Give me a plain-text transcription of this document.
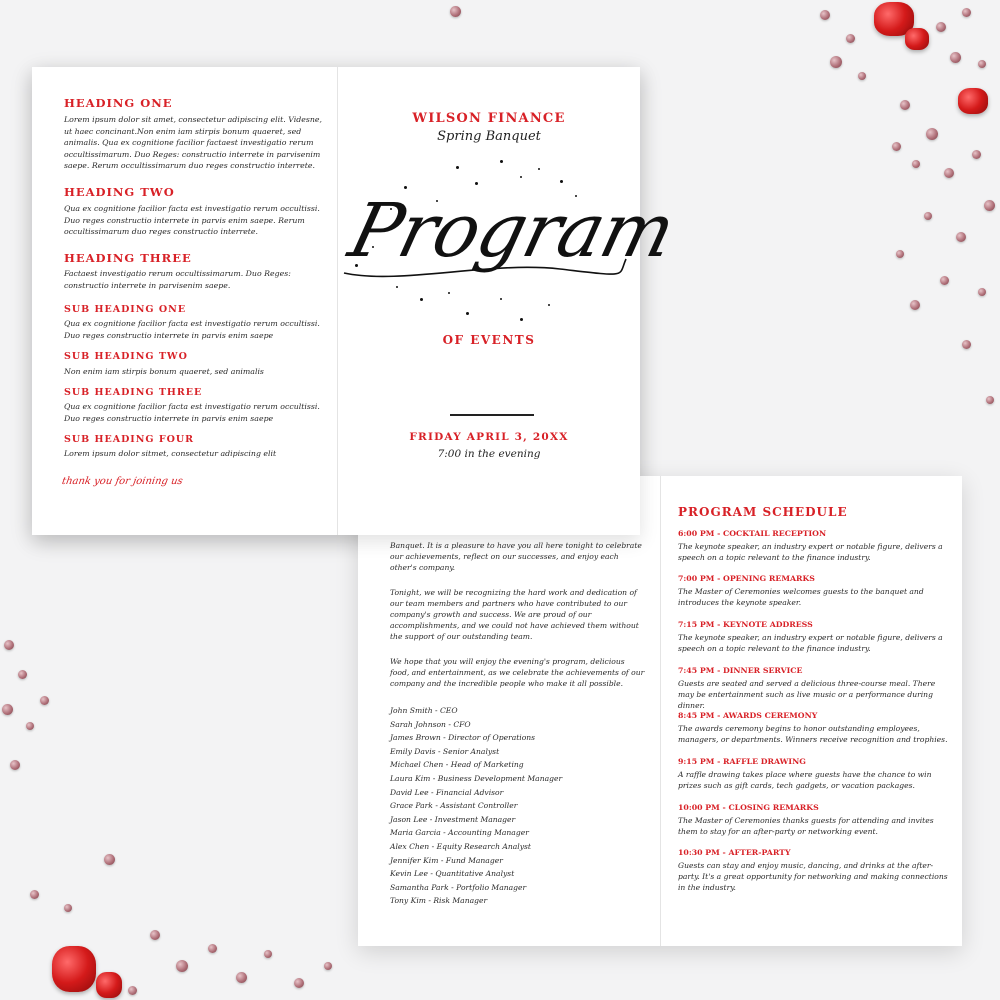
HEADING ONE

Lorem ipsum dolor sit amet, consectetur adipiscing elit. Videsne, ut haec concinant.Non enim iam stirpis bonum quaeret, sed animalis. Qua ex cognitione facilior factaest investigatio rerum occultissimarum. Duo Reges: constructio interrete in parvisenim saepe. Rerum occultissimarum duo reges constructio interrete.

HEADING TWO

Qua ex cognitione facilior facta est investigatio rerum occultissi. Duo reges constructio interrete in parvis enim saepe. Rerum occultissimarum duo reges constructio interrete.

HEADING THREE

Factaest investigatio rerum occultissimarum. Duo Reges: constructio interrete in parvisenim saepe.

SUB HEADING ONE

Qua ex cognitione facilior facta est investigatio rerum occultissi. Duo reges constructio interrete in parvis enim saepe

SUB HEADING TWO

Non enim iam stirpis bonum quaeret, sed animalis

SUB HEADING THREE

Qua ex cognitione facilior facta est investigatio rerum occultissi. Duo reges constructio interrete in parvis enim saepe

SUB HEADING FOUR

Lorem ipsum dolor sitmet, consectetur adipiscing elit

thank you for joining us

WILSON FINANCE
Spring Banquet
Program
OF EVENTS
FRIDAY APRIL 3, 20XX
7:00 in the evening

Banquet. It is a pleasure to have you all here tonight to celebrate our achievements, reflect on our successes, and enjoy each other's company.

Tonight, we will be recognizing the hard work and dedication of our team members and partners who have contributed to our company's growth and success. We are proud of our accomplishments, and we could not have achieved them without the support of our outstanding team.

We hope that you will enjoy the evening's program, delicious food, and entertainment, as we celebrate the achievements of our company and the incredible people who make it all possible.

John Smith - CEO
Sarah Johnson - CFO
James Brown - Director of Operations
Emily Davis - Senior Analyst
Michael Chen - Head of Marketing
Laura Kim - Business Development Manager
David Lee - Financial Advisor
Grace Park - Assistant Controller
Jason Lee - Investment Manager
Maria Garcia - Accounting Manager
Alex Chen - Equity Research Analyst
Jennifer Kim - Fund Manager
Kevin Lee - Quantitative Analyst
Samantha Park - Portfolio Manager
Tony Kim - Risk Manager
PROGRAM SCHEDULE

6:00 PM - COCKTAIL RECEPTION

The keynote speaker, an industry expert or notable figure, delivers a speech on a topic relevant to the finance industry.

7:00 PM - OPENING REMARKS

The Master of Ceremonies welcomes guests to the banquet and introduces the keynote speaker.

7:15 PM - KEYNOTE ADDRESS

The keynote speaker, an industry expert or notable figure, delivers a speech on a topic relevant to the finance industry.

7:45 PM - DINNER SERVICE

Guests are seated and served a delicious three-course meal. There may be entertainment such as live music or a performance during dinner.

8:45 PM - AWARDS CEREMONY

The awards ceremony begins to honor outstanding employees, managers, or departments. Winners receive recognition and trophies.

9:15 PM - RAFFLE DRAWING

A raffle drawing takes place where guests have the chance to win prizes such as gift cards, tech gadgets, or vacation packages.

10:00 PM - CLOSING REMARKS

The Master of Ceremonies thanks guests for attending and invites them to stay for an after-party or networking event.

10:30 PM - AFTER-PARTY

Guests can stay and enjoy music, dancing, and drinks at the after-party. It's a great opportunity for networking and making connections in the industry.
